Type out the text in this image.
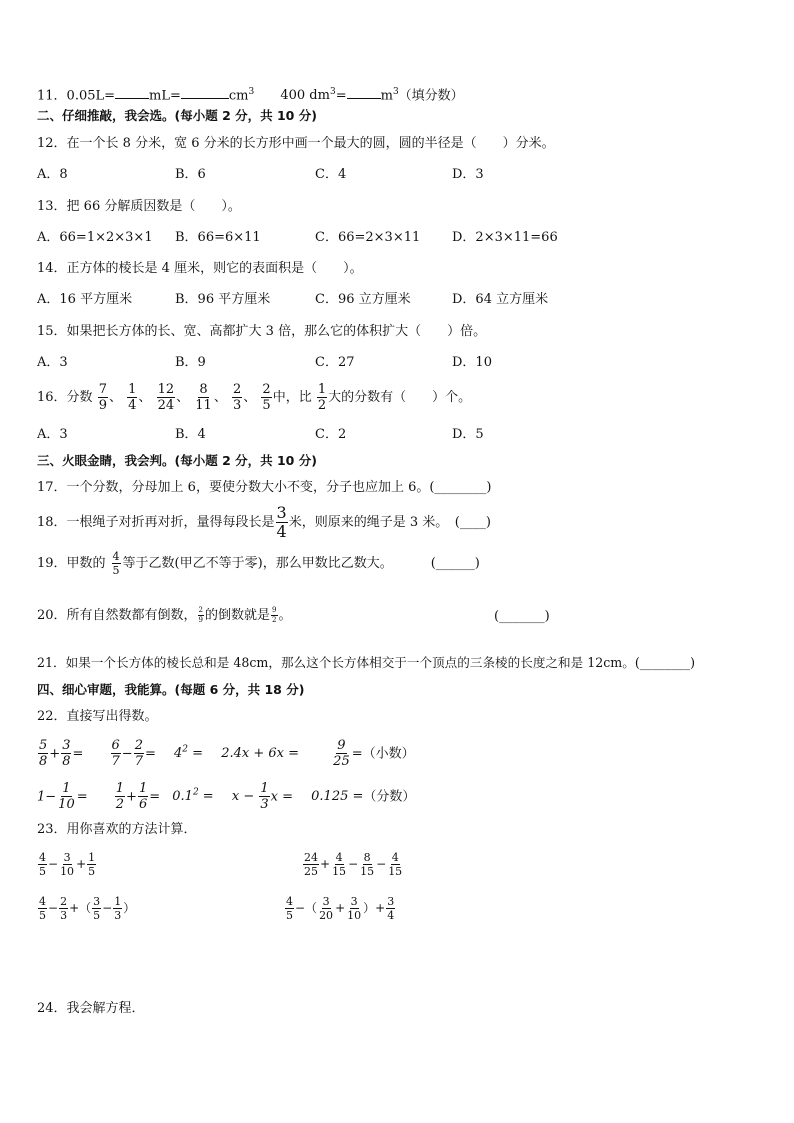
11．0.05L=	mL=	$cm^3$ 400 $dm^3=$	$m^3$（填分数）
二、仔细推敲，我会选。(每小题 2 分，共 10 分)
12．在一个长 8 分米，宽 6 分米的长方形中画一个最大的圆，圆的半径是（　　）分米。
A．8	B．6	C．4	D．3
13．把 66 分解质因数是（　　）。
A．66=1×2×3×1 B．66=6×11	C．66=2×3×11 D．2×3×11=66
14．正方体的棱长是 4 厘米，则它的表面积是（　　）。
A．16 平方厘米	B．96 平方厘米	C．96 立方厘米	D．64 立方厘米
15．如果把长方体的长、宽、高都扩大 3 倍，那么它的体积扩大（　　）倍。
A．3	B．9	C．27	D．10
16．分数 $\frac{7}{9}$ 、 $\frac{1}{4}$ 、 $\frac{12}{24}$ 、 $\frac{8}{11}$ 、 $\frac{2}{3}$ 、 $\frac{2}{5}$ 中，比 $\frac{1}{2}$ 大的分数有（　　）个。
A．3	B．4	C．2	D．5
三、火眼金睛，我会判。(每小题 2 分，共 10 分)
17．一个分数，分母加上 6，要使分数大小不变，分子也应加上 6。(________)
18．一根绳子对折再对折，量得每段长是 $\frac{3}{4}$ 米，则原来的绳子是 3 米。　(____)
19．甲数的 $\frac{4}{5}$ 等于乙数(甲乙不等于零)，那么甲数比乙数大。	(______)
20．所有自然数都有倒数， $\frac{2}{9}$ 的倒数就是 $\frac{9}{2}$ 。	(_______)
21．如果一个长方体的棱长总和是 48cm，那么这个长方体相交于一个顶点的三条棱的长度之和是 12cm。(________)
四、细心审题，我能算。(每题 6 分，共 18 分)
22．直接写出得数。
$\frac{5}{8} + \frac{3}{8} = \frac{6}{7} - \frac{2}{7} = 4^2 = 2.4x + 6x$ =	$\frac{9}{25}$ =（小数）
$1- \frac{1}{10} = \frac{1}{2} + \frac{1}{6} = 0.1^2 = x - \frac{1}{3}$ x = 0.125 =（分数）
23．用你喜欢的方法计算．
$\frac{4}{5} - \frac{3}{10} + \frac{1}{5}$	$\frac{24}{25} + \frac{4}{15} - \frac{8}{15} - \frac{4}{15}$
$\frac{4}{5} - \frac{2}{3}$ +（ $\frac{3}{5} - \frac{1}{3}$ ）	$\frac{4}{5}$ −（ $\frac{3}{20} + \frac{3}{10}$ ）+ $\frac{3}{4}$
24．我会解方程．
